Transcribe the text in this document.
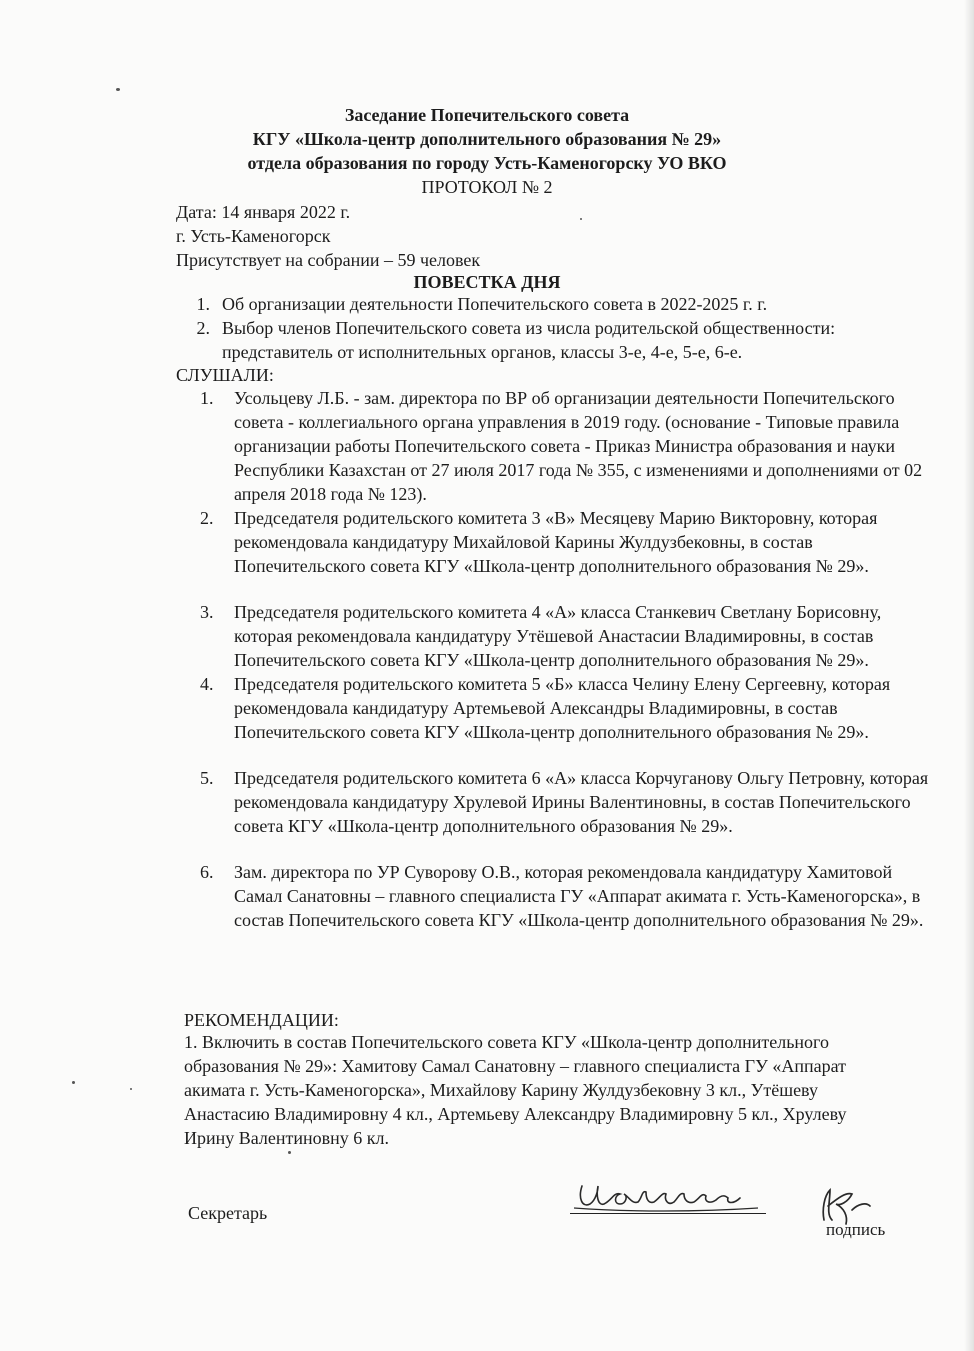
Заседание Попечительского совета
КГУ «Школа-центр дополнительного образования № 29»
отдела образования по городу Усть-Каменогорску УО ВКО
ПРОТОКОЛ № 2
Дата: 14 января 2022 г.
г. Усть-Каменогорск
Присутствует на собрании – 59 человек
ПОВЕСТКА ДНЯ
1. Об организации деятельности Попечительского совета в 2022-2025 г. г.
2. Выбор членов Попечительского совета из числа родительской общественности: представитель от исполнительных органов, классы 3-е, 4-е, 5-е, 6-е.
СЛУШАЛИ:
1.	Усольцеву Л.Б. - зам. директора по ВР об организации деятельности Попечительского совета - коллегиального органа управления в 2019 году. (основание - Типовые правила организации работы Попечительского совета - Приказ Министра образования и науки Республики Казахстан от 27 июля 2017 года № 355, с изменениями и дополнениями от 02 апреля 2018 года № 123).
2.	Председателя родительского комитета 3 «В» Месяцеву Марию Викторовну, которая рекомендовала кандидатуру Михайловой Карины Жулдузбековны, в состав Попечительского совета КГУ «Школа-центр дополнительного образования № 29».
3.	Председателя родительского комитета 4 «А» класса Станкевич Светлану Борисовну, которая рекомендовала кандидатуру Утёшевой Анастасии Владимировны, в состав Попечительского совета КГУ «Школа-центр дополнительного образования № 29».
4.	Председателя родительского комитета 5 «Б» класса Челину Елену Сергеевну, которая рекомендовала кандидатуру Артемьевой Александры Владимировны, в состав Попечительского совета КГУ «Школа-центр дополнительного образования № 29».
5.	Председателя родительского комитета 6 «А» класса Корчуганову Ольгу Петровну, которая рекомендовала кандидатуру Хрулевой Ирины Валентиновны, в состав Попечительского совета КГУ «Школа-центр дополнительного образования № 29».
6.	Зам. директора по УР Суворову О.В., которая рекомендовала кандидатуру Хамитовой Самал Санатовны – главного специалиста ГУ «Аппарат акимата г. Усть-Каменогорска», в состав Попечительского совета КГУ «Школа-центр дополнительного образования № 29».
РЕКОМЕНДАЦИИ:
1. Включить в состав Попечительского совета КГУ «Школа-центр дополнительного образования № 29»: Хамитову Самал Санатовну – главного специалиста ГУ «Аппарат акимата г. Усть-Каменогорска», Михайлову Карину Жулдузбековну 3 кл., Утёшеву Анастасию Владимировну 4 кл., Артемьеву Александру Владимировну 5 кл., Хрулеву Ирину Валентиновну 6 кл.
Секретарь
подпись
